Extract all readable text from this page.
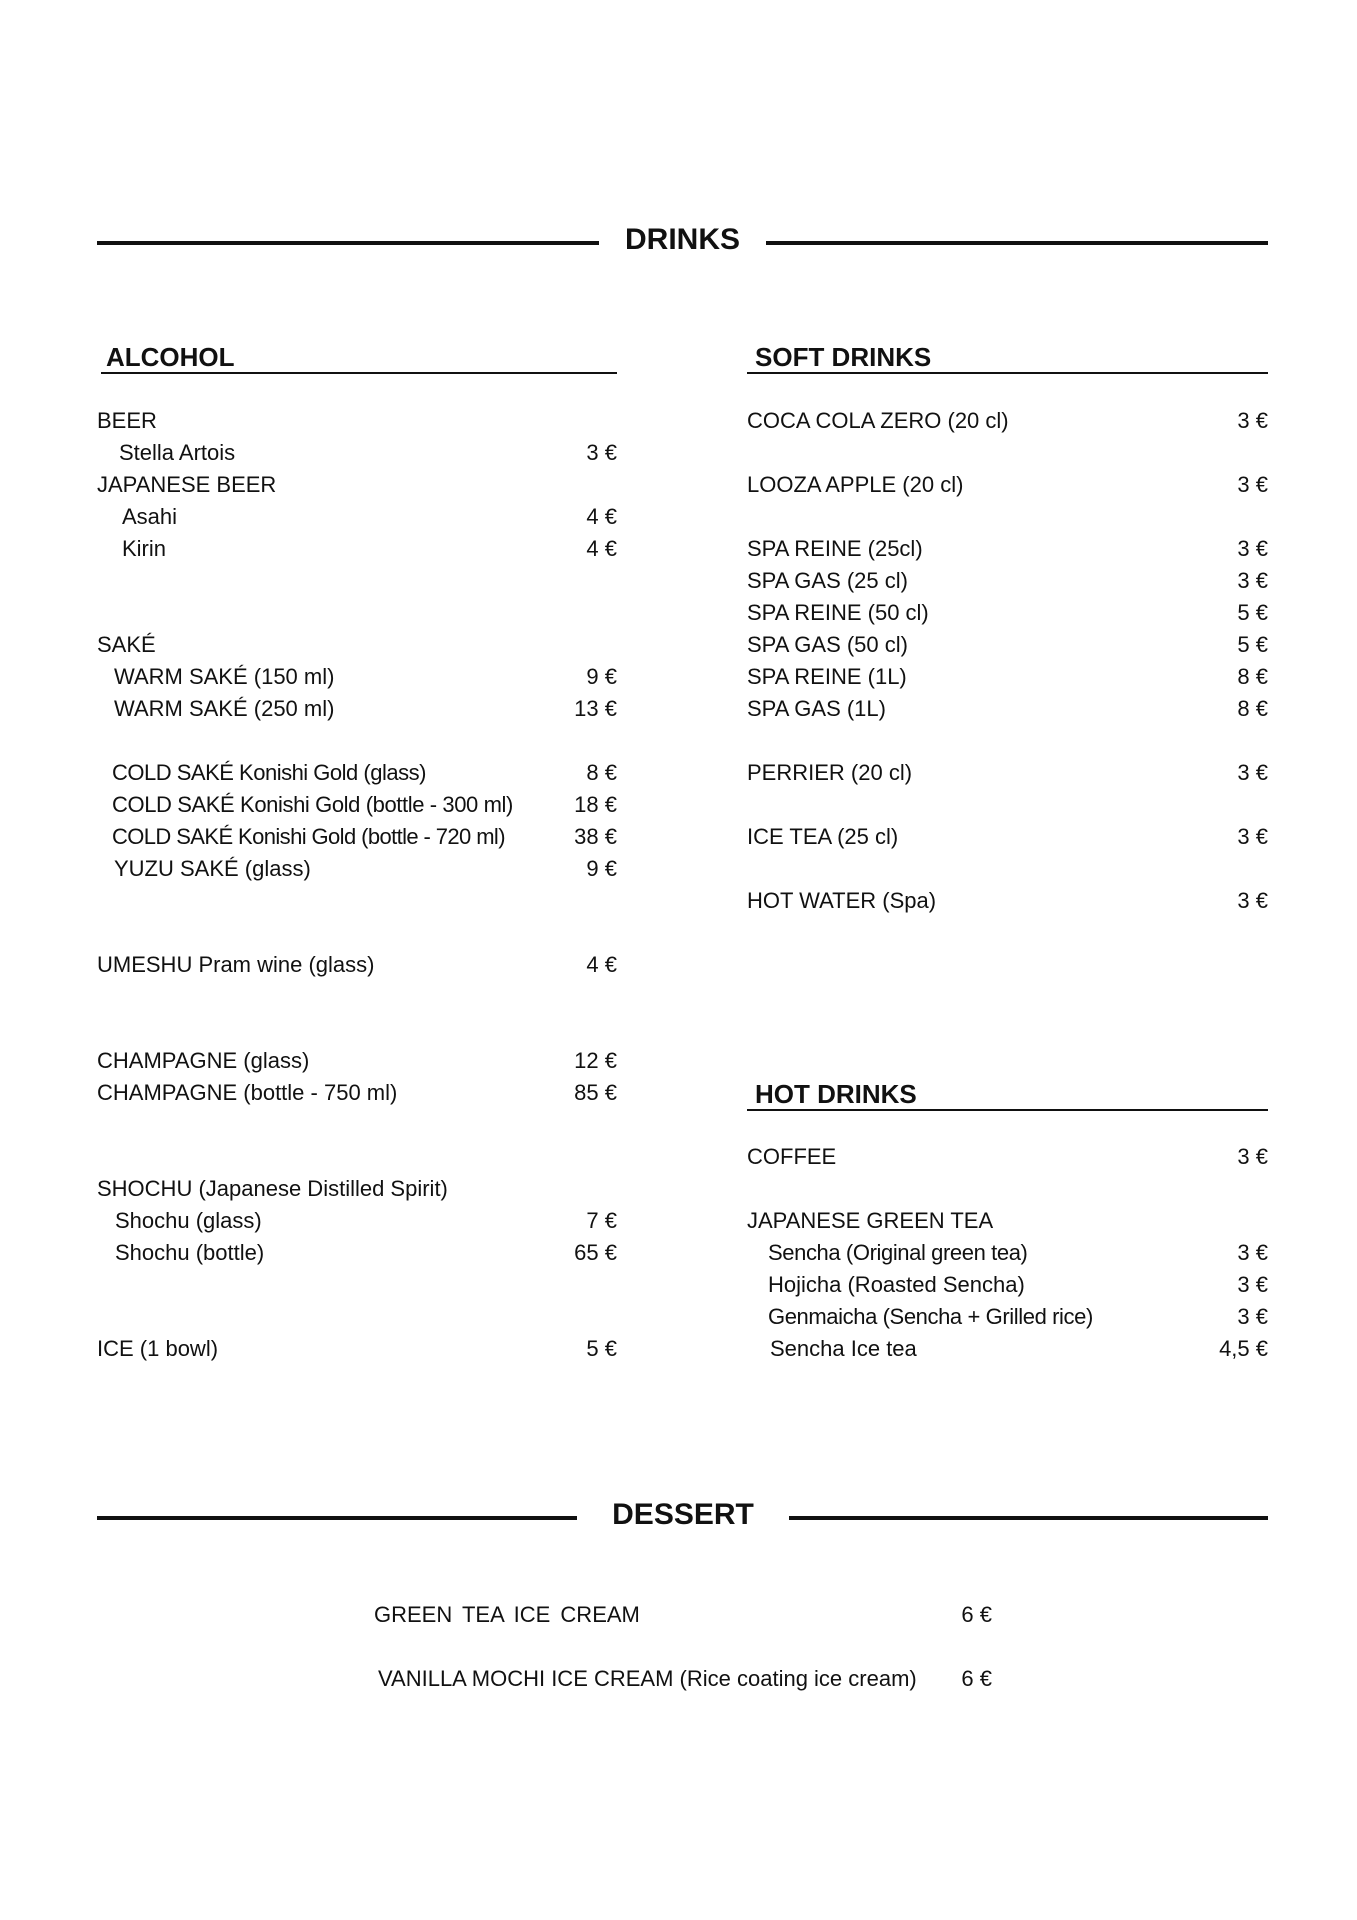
DRINKS
ALCOHOL
BEER
Stella Artois	3 €
JAPANESE BEER
Asahi	4 €
Kirin	4 €
SAKÉ
WARM SAKÉ (150 ml)	9 €
WARM SAKÉ (250 ml)	13 €
COLD SAKÉ Konishi Gold (glass)	8 €
COLD SAKÉ Konishi Gold (bottle - 300 ml)	18 €
COLD SAKÉ Konishi Gold (bottle - 720 ml)	38 €
YUZU SAKÉ (glass)	9 €
UMESHU Pram wine (glass)	4 €
CHAMPAGNE (glass)	12 €
CHAMPAGNE (bottle - 750 ml)	85 €
SHOCHU (Japanese Distilled Spirit)
Shochu (glass)	7 €
Shochu (bottle)	65 €
ICE (1 bowl)	5 €
SOFT DRINKS
COCA COLA ZERO (20 cl)	3 €
LOOZA APPLE (20 cl)	3 €
SPA REINE (25cl)	3 €
SPA GAS (25 cl)	3 €
SPA REINE (50 cl)	5 €
SPA GAS (50 cl)	5 €
SPA REINE (1L)	8 €
SPA GAS (1L)	8 €
PERRIER (20 cl)	3 €
ICE TEA (25 cl)	3 €
HOT WATER (Spa)	3 €
HOT DRINKS
COFFEE	3 €
JAPANESE GREEN TEA
Sencha (Original green tea)	3 €
Hojicha (Roasted Sencha)	3 €
Genmaicha (Sencha + Grilled rice)	3 €
Sencha Ice tea	4,5 €
DESSERT
GREEN TEA ICE CREAM	6 €
VANILLA MOCHI ICE CREAM (Rice coating ice cream)	6 €
